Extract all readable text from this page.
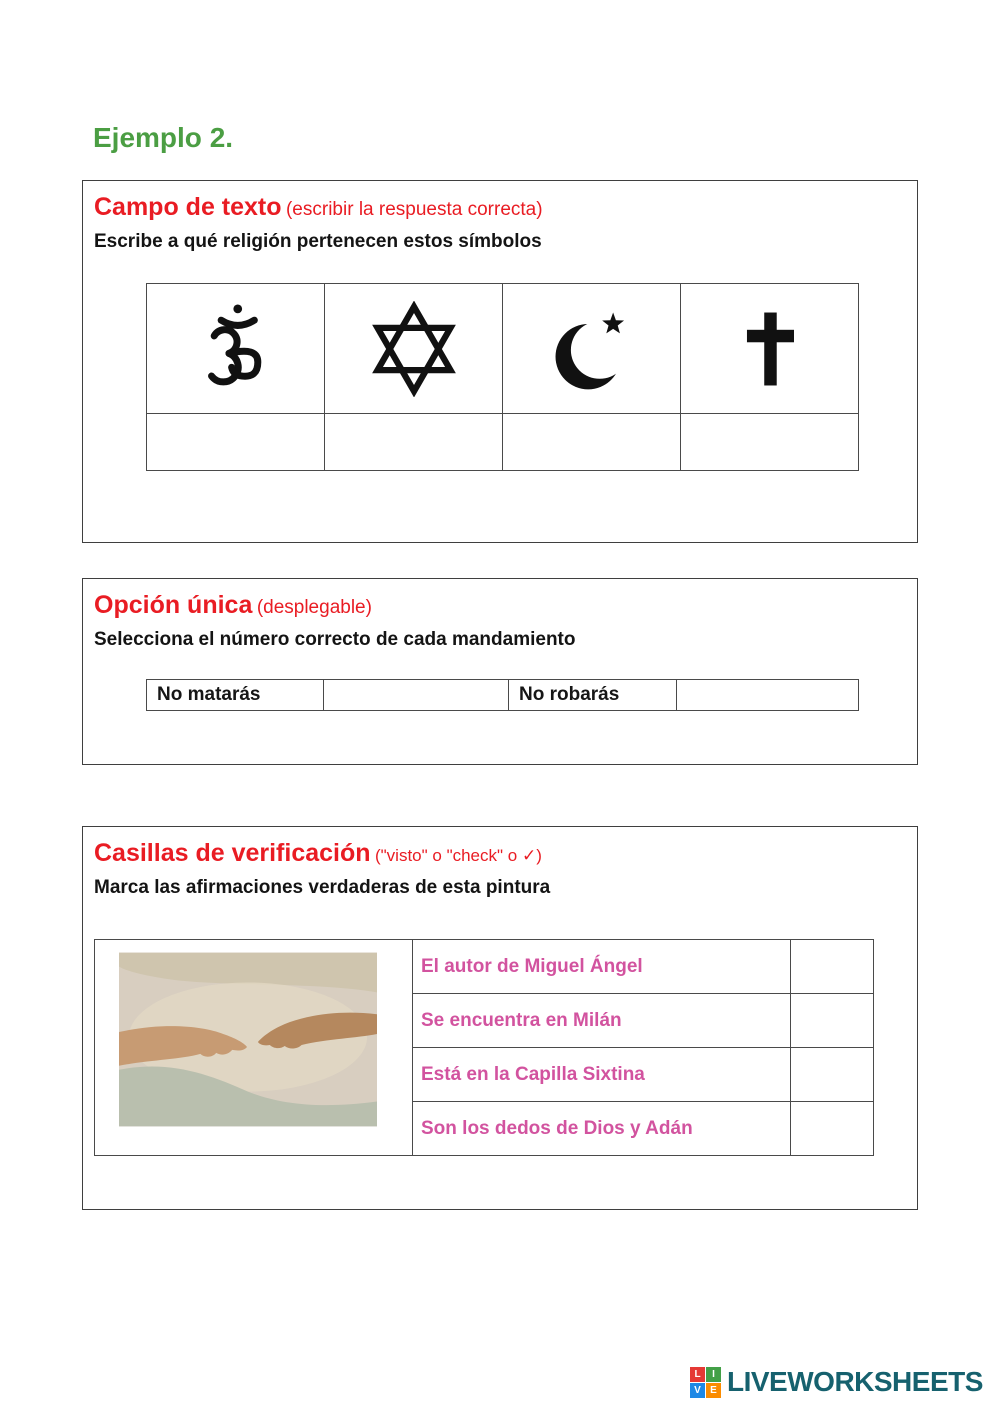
Ejemplo 2.
Campo de texto (escribir la respuesta correcta)

Escribe a qué religión pertenecen estos símbolos

Opción única (desplegable)

Selecciona el número correcto de cada mandamiento

No matarás		No robarás	
Casillas de verificación ("visto" o "check" o ✓)

Marca las afirmaciones verdaderas de esta pintura

	El autor de Miguel Ángel	
	Se encuentra en Milán	
	Está en la Capilla Sixtina	
	Son los dedos de Dios y Adán	
L	I
V E LIVEWORKSHEETS
